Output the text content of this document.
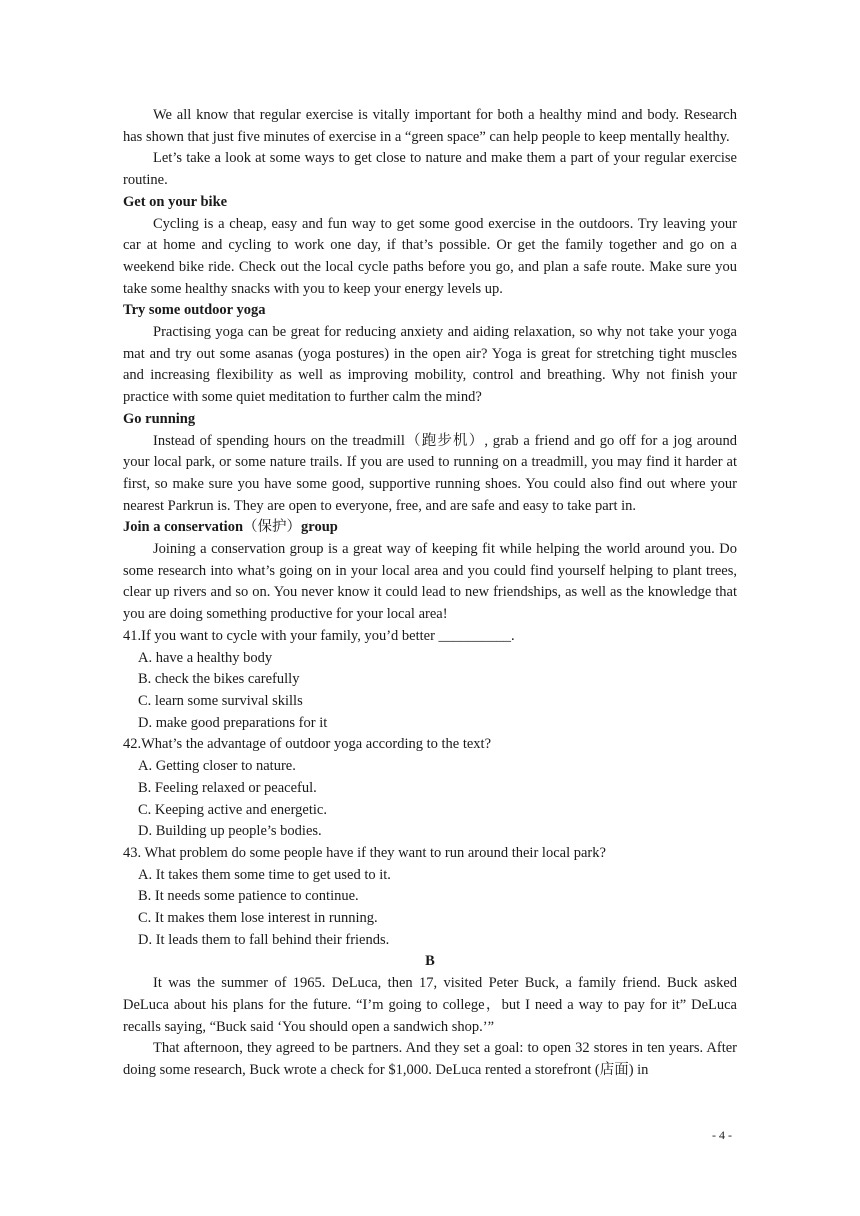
We all know that regular exercise is vitally important for both a healthy mind and body. Research has shown that just five minutes of exercise in a “green space” can help people to keep mentally healthy.

Let’s take a look at some ways to get close to nature and make them a part of your regular exercise routine.

Get on your bike

Cycling is a cheap, easy and fun way to get some good exercise in the outdoors. Try leaving your car at home and cycling to work one day, if that’s possible. Or get the family together and go on a weekend bike ride. Check out the local cycle paths before you go, and plan a safe route. Make sure you take some healthy snacks with you to keep your energy levels up.

Try some outdoor yoga

Practising yoga can be great for reducing anxiety and aiding relaxation, so why not take your yoga mat and try out some asanas (yoga postures) in the open air? Yoga is great for stretching tight muscles and increasing flexibility as well as improving mobility, control and breathing. Why not finish your practice with some quiet meditation to further calm the mind?

Go running

Instead of spending hours on the treadmill（跑步机）, grab a friend and go off for a jog around your local park, or some nature trails. If you are used to running on a treadmill, you may find it harder at first, so make sure you have some good, supportive running shoes. You could also find out where your nearest Parkrun is. They are open to everyone, free, and are safe and easy to take part in.

Join a conservation（保护）group

Joining a conservation group is a great way of keeping fit while helping the world around you. Do some research into what’s going on in your local area and you could find yourself helping to plant trees, clear up rivers and so on. You never know it could lead to new friendships, as well as the knowledge that you are doing something productive for your local area!

41.If you want to cycle with your family, you’d better __________.

A. have a healthy body

B. check the bikes carefully

C. learn some survival skills

D. make good preparations for it

42.What’s the advantage of outdoor yoga according to the text?

A. Getting closer to nature.

B. Feeling relaxed or peaceful.

C. Keeping active and energetic.

D. Building up people’s bodies.

43. What problem do some people have if they want to run around their local park?

A. It takes them some time to get used to it.

B. It needs some patience to continue.

C. It makes them lose interest in running.

D. It leads them to fall behind their friends.

B

It was the summer of 1965. DeLuca, then 17, visited Peter Buck, a family friend. Buck asked DeLuca about his plans for the future. “I’m going to college，but I need a way to pay for it” DeLuca recalls saying, “Buck said ‘You should open a sandwich shop.’”

That afternoon, they agreed to be partners. And they set a goal: to open 32 stores in ten years. After doing some research, Buck wrote a check for $1,000. DeLuca rented a storefront (店面) in

- 4 -
